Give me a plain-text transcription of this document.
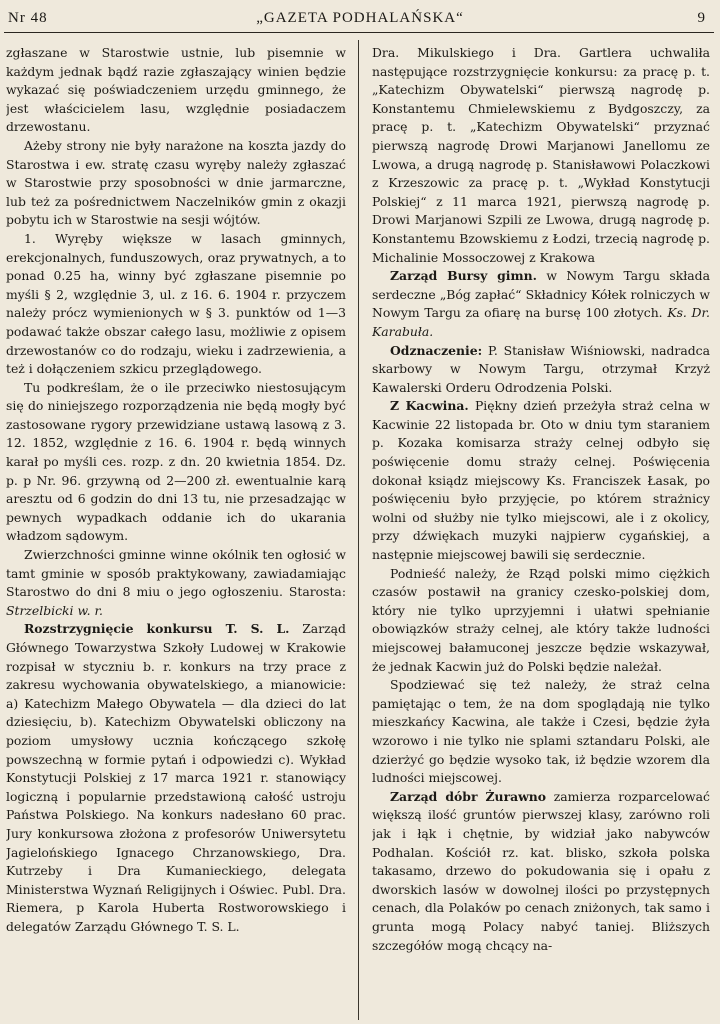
Nr 48	„GAZETA PODHALAŃSKA“	9

zgłaszane w Starostwie ustnie, lub pisemnie w każdym jednak bądź razie zgłaszający winien będzie wykazać się poświadczeniem urzędu gminnego, że jest właścicielem lasu, względnie posiadaczem drzewostanu.

Ażeby strony nie były narażone na koszta jazdy do Starostwa i ew. stratę czasu wyręby należy zgłaszać w Starostwie przy sposobności w dnie jarmarczne, lub też za pośrednictwem Naczelników gmin z okazji pobytu ich w Starostwie na sesji wójtów.

1. Wyręby większe w lasach gminnych, erekcjonalnych, funduszowych, oraz prywatnych, a to ponad 0.25 ha, winny być zgłaszane pisemnie po myśli § 2, względnie 3, ul. z 16. 6. 1904 r. przyczem należy prócz wymienionych w § 3. punktów od 1—3 podawać także obszar całego lasu, możliwie z opisem drzewostanów co do rodzaju, wieku i zadrzewienia, a też i dołączeniem szkicu przeglądowego.

Tu podkreślam, że o ile przeciwko niestosującym się do niniejszego rozporządzenia nie będą mogły być zastosowane rygory przewidziane ustawą lasową z 3. 12. 1852, względnie z 16. 6. 1904 r. będą winnych karał po myśli ces. rozp. z dn. 20 kwietnia 1854. Dz. p. p Nr. 96. grzywną od 2—200 zł. ewentualnie karą aresztu od 6 godzin do dni 13 tu, nie przesadzając w pewnych wypadkach oddanie ich do ukarania władzom sądowym.

Zwierzchności gminne winne okólnik ten ogłosić w tamt gminie w sposób praktykowany, zawiadamiając Starostwo do dni 8 miu o jego ogłoszeniu. Starosta: Strzelbicki w. r.

Rozstrzygnięcie konkursu T. S. L. Zarząd Głównego Towarzystwa Szkoły Ludowej w Krakowie rozpisał w styczniu b. r. konkurs na trzy prace z zakresu wychowania obywatelskiego, a mianowicie: a) Katechizm Małego Obywatela — dla dzieci do lat dziesięciu, b). Katechizm Obywatelski obliczony na poziom umysłowy ucznia kończącego szkołę powszechną w formie pytań i odpowiedzi c). Wykład Konstytucji Polskiej z 17 marca 1921 r. stanowiący logiczną i popularnie przedstawioną całość ustroju Państwa Polskiego. Na konkurs nadesłano 60 prac. Jury konkursowa złożona z profesorów Uniwersytetu Jagielońskiego Ignacego Chrzanowskiego, Dra. Kutrzeby i Dra Kumanieckiego, delegata Ministerstwa Wyznań Religijnych i Oświec. Publ. Dra. Riemera, p Karola Huberta Rostworowskiego i delegatów Zarządu Głównego T. S. L.

Dra. Mikulskiego i Dra. Gartlera uchwaliła następujące rozstrzygnięcie konkursu: za pracę p. t. „Katechizm Obywatelski“ pierwszą nagrodę p. Konstantemu Chmielewskiemu z Bydgoszczy, za pracę p. t. „Katechizm Obywatelski“ przyznać pierwszą nagrodę Drowi Marjanowi Janellomu ze Lwowa, a drugą nagrodę p. Stanisławowi Polaczkowi z Krzeszowic za pracę p. t. „Wykład Konstytucji Polskiej“ z 11 marca 1921, pierwszą nagrodę p. Drowi Marjanowi Szpili ze Lwowa, drugą nagrodę p. Konstantemu Bzowskiemu z Łodzi, trzecią nagrodę p. Michalinie Mossoczowej z Krakowa

Zarząd Bursy gimn. w Nowym Targu składa serdeczne „Bóg zapłać“ Składnicy Kółek rolniczych w Nowym Targu za ofiarę na bursę 100 złotych. Ks. Dr. Karabuła.

Odznaczenie: P. Stanisław Wiśniowski, nadradca skarbowy w Nowym Targu, otrzymał Krzyż Kawalerski Orderu Odrodzenia Polski.

Z Kacwina. Piękny dzień przeżyła straż celna w Kacwinie 22 listopada br. Oto w dniu tym staraniem p. Kozaka komisarza straży celnej odbyło się poświęcenie domu straży celnej. Poświęcenia dokonał ksiądz miejscowy Ks. Franciszek Łasak, po poświęceniu było przyjęcie, po którem strażnicy wolni od służby nie tylko miejscowi, ale i z okolicy, przy dźwiękach muzyki najpierw cygańskiej, a następnie miejscowej bawili się serdecznie.

Podnieść należy, że Rząd polski mimo ciężkich czasów postawił na granicy czesko-polskiej dom, który nie tylko uprzyjemni i ułatwi spełnianie obowiązków straży celnej, ale który także ludności miejscowej bałamuconej jeszcze będzie wskazywał, że jednak Kacwin już do Polski będzie należał.

Spodziewać się też należy, że straż celna pamiętając o tem, że na dom spoglądają nie tylko mieszkańcy Kacwina, ale także i Czesi, będzie żyła wzorowo i nie tylko nie splami sztandaru Polski, ale dzierżyć go będzie wysoko tak, iż będzie wzorem dla ludności miejscowej.

Zarząd dóbr Żurawno zamierza rozparcelować większą ilość gruntów pierwszej klasy, zarówno roli jak i łąk i chętnie, by widział jako nabywców Podhalan. Kościół rz. kat. blisko, szkoła polska takasamo, drzewo do pokudowania się i opału z dworskich lasów w dowolnej ilości po przystępnych cenach, dla Polaków po cenach zniżonych, tak samo i grunta mogą Polacy nabyć taniej. Bliższych szczegółów mogą chcący na-
